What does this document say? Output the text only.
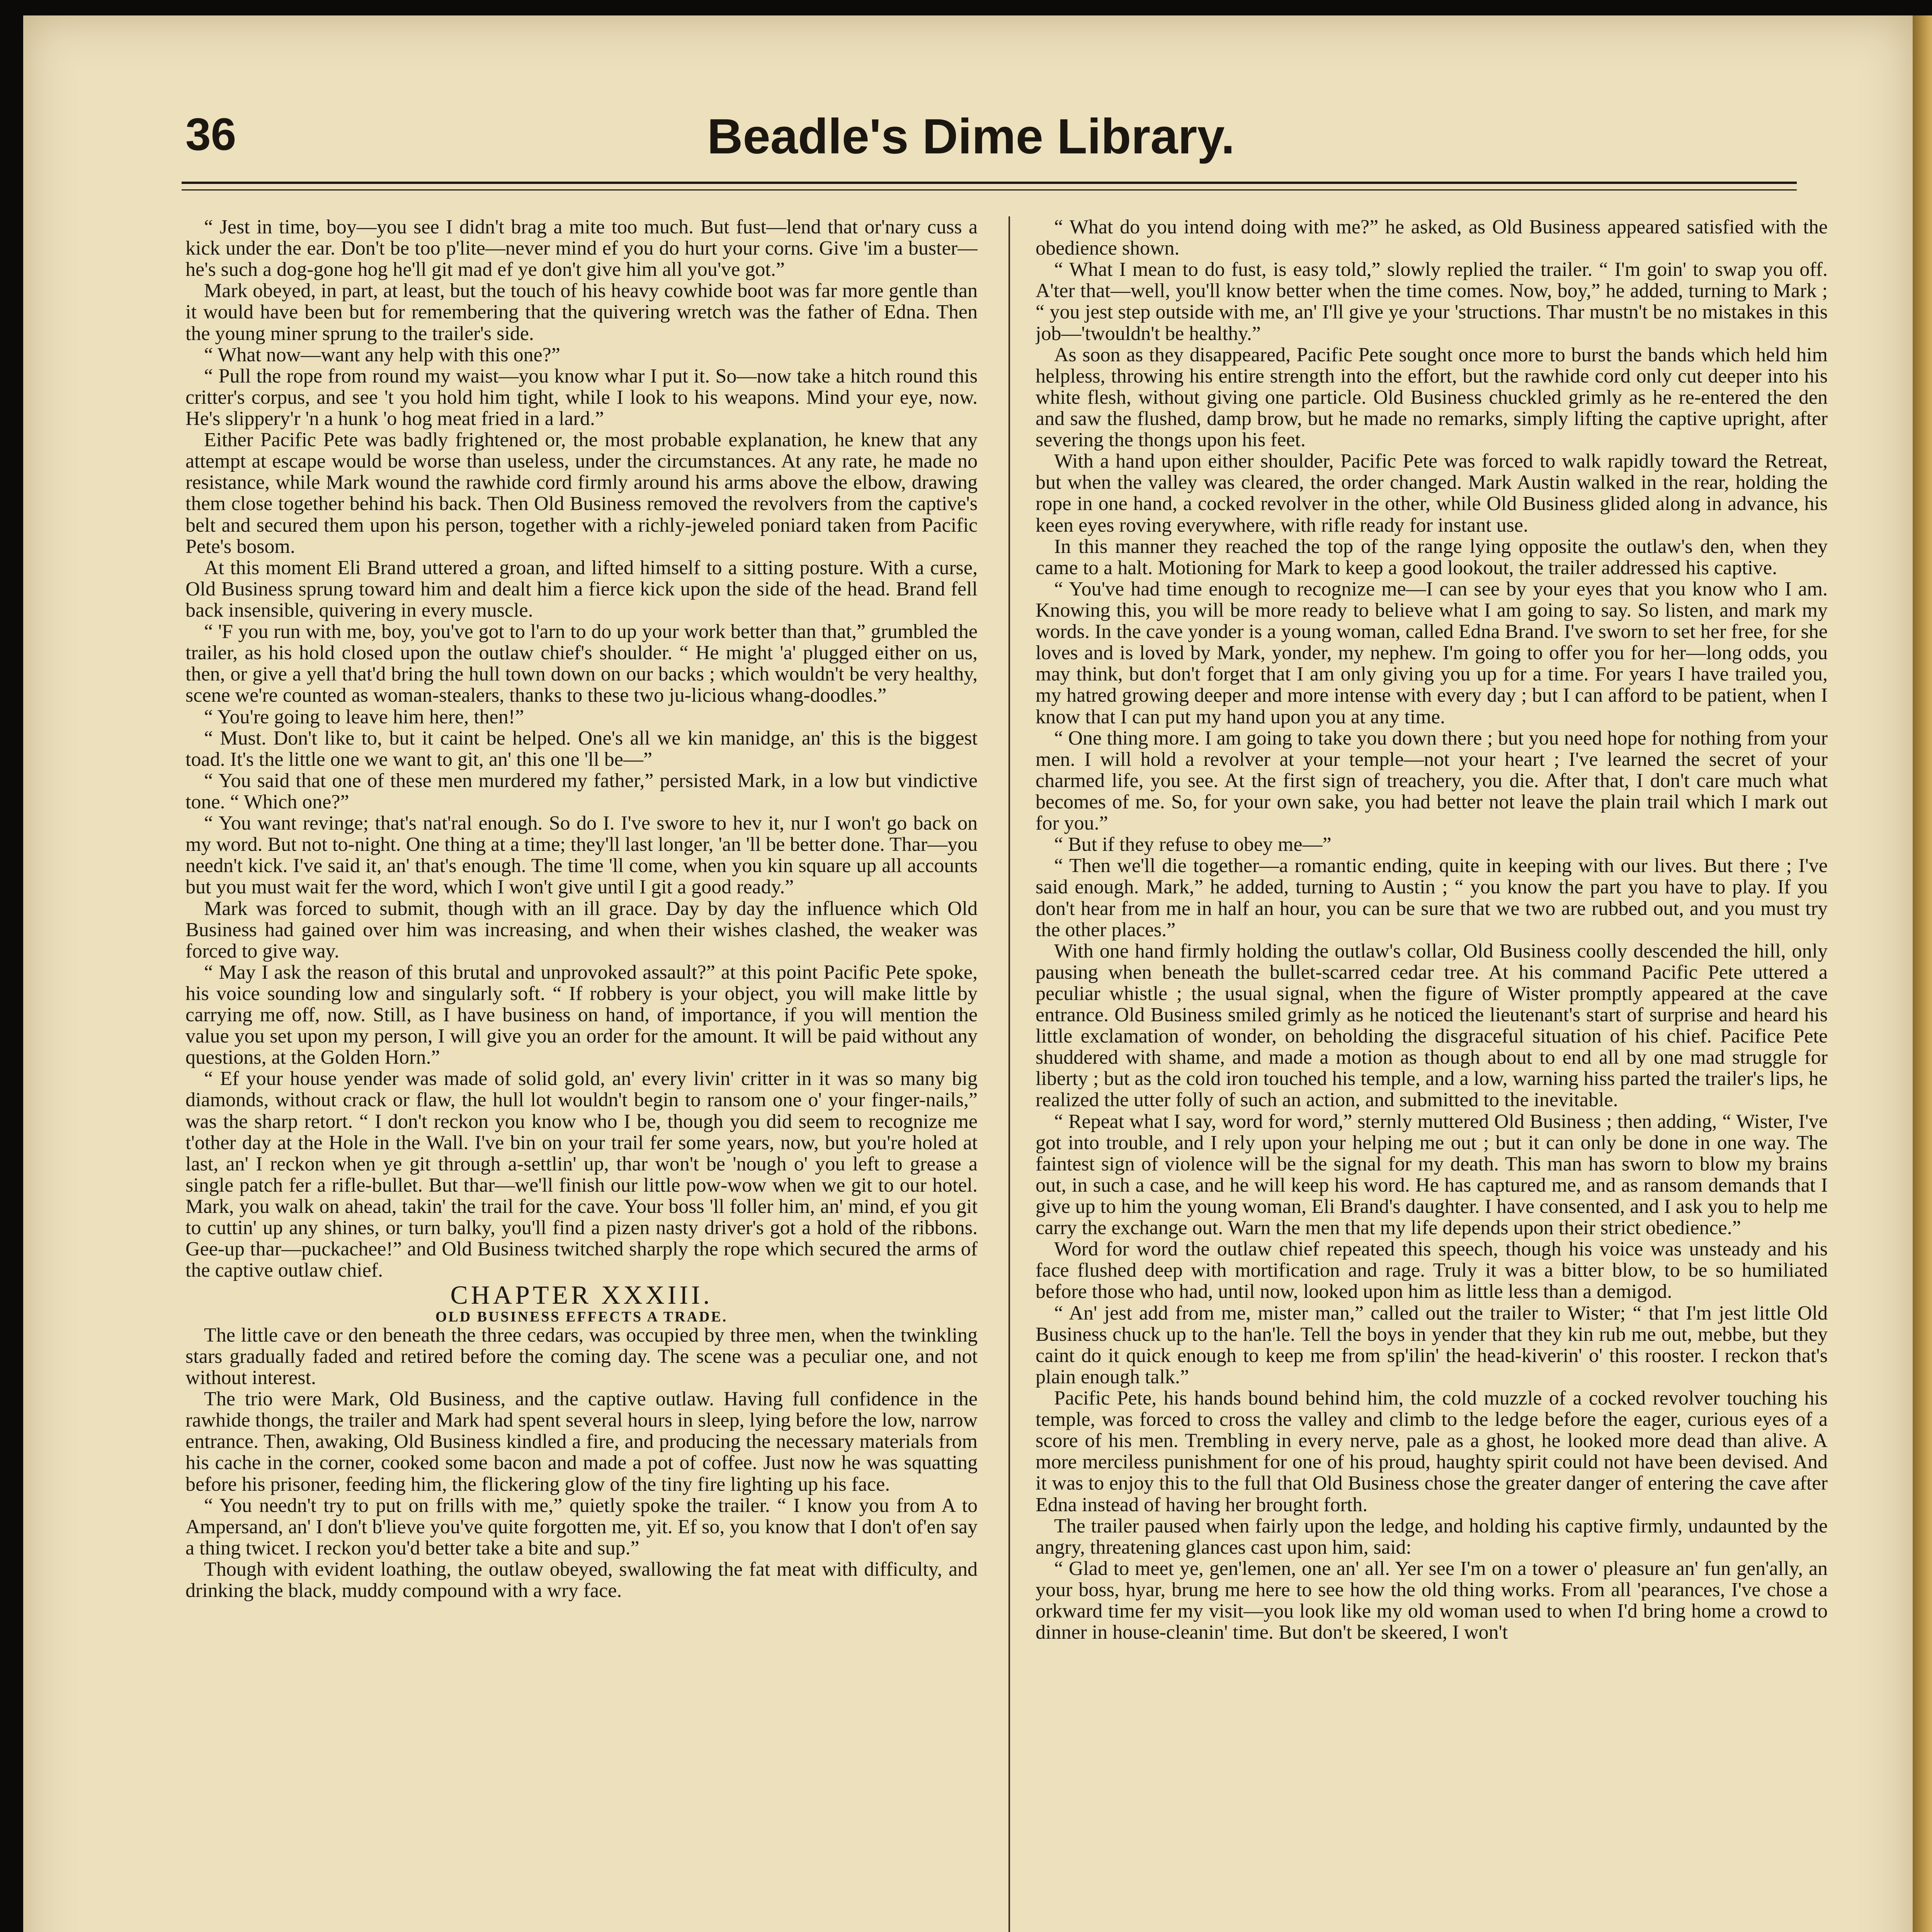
36	Beadle's Dime Library.

“ Jest in time, boy—you see I didn't brag a mite too much. But fust—lend that or'nary cuss a kick under the ear. Don't be too p'lite—never mind ef you do hurt your corns. Give 'im a buster—he's such a dog-gone hog he'll git mad ef ye don't give him all you've got.”

Mark obeyed, in part, at least, but the touch of his heavy cowhide boot was far more gentle than it would have been but for remembering that the quivering wretch was the father of Edna. Then the young miner sprung to the trailer's side.

“ What now—want any help with this one?”

“ Pull the rope from round my waist—you know whar I put it. So—now take a hitch round this critter's corpus, and see 't you hold him tight, while I look to his weapons. Mind your eye, now. He's slippery'r 'n a hunk 'o hog meat fried in a lard.”

Either Pacific Pete was badly frightened or, the most probable explanation, he knew that any attempt at escape would be worse than useless, under the circumstances. At any rate, he made no resistance, while Mark wound the rawhide cord firmly around his arms above the elbow, drawing them close together behind his back. Then Old Business removed the revolvers from the captive's belt and secured them upon his person, together with a richly-jeweled poniard taken from Pacific Pete's bosom.

At this moment Eli Brand uttered a groan, and lifted himself to a sitting posture. With a curse, Old Business sprung toward him and dealt him a fierce kick upon the side of the head. Brand fell back insensible, quivering in every muscle.

“ 'F you run with me, boy, you've got to l'arn to do up your work better than that,” grumbled the trailer, as his hold closed upon the outlaw chief's shoulder. “ He might 'a' plugged either on us, then, or give a yell that'd bring the hull town down on our backs ; which wouldn't be very healthy, scene we're counted as woman-stealers, thanks to these two ju-licious whang-doodles.”

“ You're going to leave him here, then!”

“ Must. Don't like to, but it caint be helped. One's all we kin manidge, an' this is the biggest toad. It's the little one we want to git, an' this one 'll be—”

“ You said that one of these men murdered my father,” persisted Mark, in a low but vindictive tone. “ Which one?”

“ You want revinge; that's nat'ral enough. So do I. I've swore to hev it, nur I won't go back on my word. But not to-night. One thing at a time; they'll last longer, 'an 'll be better done. Thar—you needn't kick. I've said it, an' that's enough. The time 'll come, when you kin square up all accounts but you must wait fer the word, which I won't give until I git a good ready.”

Mark was forced to submit, though with an ill grace. Day by day the influence which Old Business had gained over him was increasing, and when their wishes clashed, the weaker was forced to give way.

“ May I ask the reason of this brutal and unprovoked assault?” at this point Pacific Pete spoke, his voice sounding low and singularly soft. “ If robbery is your object, you will make little by carrying me off, now. Still, as I have business on hand, of importance, if you will mention the value you set upon my person, I will give you an order for the amount. It will be paid without any questions, at the Golden Horn.”

“ Ef your house yender was made of solid gold, an' every livin' critter in it was so many big diamonds, without crack or flaw, the hull lot wouldn't begin to ransom one o' your finger-nails,” was the sharp retort. “ I don't reckon you know who I be, though you did seem to recognize me t'other day at the Hole in the Wall. I've bin on your trail fer some years, now, but you're holed at last, an' I reckon when ye git through a-settlin' up, thar won't be 'nough o' you left to grease a single patch fer a rifle-bullet. But thar—we'll finish our little pow-wow when we git to our hotel. Mark, you walk on ahead, takin' the trail for the cave. Your boss 'll foller him, an' mind, ef you git to cuttin' up any shines, or turn balky, you'll find a pizen nasty driver's got a hold of the ribbons. Gee-up thar—puckachee!” and Old Business twitched sharply the rope which secured the arms of the captive outlaw chief.

CHAPTER XXXIII.

OLD BUSINESS EFFECTS A TRADE.

The little cave or den beneath the three cedars, was occupied by three men, when the twinkling stars gradually faded and retired before the coming day. The scene was a peculiar one, and not without interest.

The trio were Mark, Old Business, and the captive outlaw. Having full confidence in the rawhide thongs, the trailer and Mark had spent several hours in sleep, lying before the low, narrow entrance. Then, awaking, Old Business kindled a fire, and producing the necessary materials from his cache in the corner, cooked some bacon and made a pot of coffee. Just now he was squatting before his prisoner, feeding him, the flickering glow of the tiny fire lighting up his face.

“ You needn't try to put on frills with me,” quietly spoke the trailer. “ I know you from A to Ampersand, an' I don't b'lieve you've quite forgotten me, yit. Ef so, you know that I don't of'en say a thing twicet. I reckon you'd better take a bite and sup.”

Though with evident loathing, the outlaw obeyed, swallowing the fat meat with difficulty, and drinking the black, muddy compound with a wry face.

“ What do you intend doing with me?” he asked, as Old Business appeared satisfied with the obedience shown.

“ What I mean to do fust, is easy told,” slowly replied the trailer. “ I'm goin' to swap you off. A'ter that—well, you'll know better when the time comes. Now, boy,” he added, turning to Mark ; “ you jest step outside with me, an' I'll give ye your 'structions. Thar mustn't be no mistakes in this job—'twouldn't be healthy.”

As soon as they disappeared, Pacific Pete sought once more to burst the bands which held him helpless, throwing his entire strength into the effort, but the rawhide cord only cut deeper into his white flesh, without giving one particle. Old Business chuckled grimly as he re-entered the den and saw the flushed, damp brow, but he made no remarks, simply lifting the captive upright, after severing the thongs upon his feet.

With a hand upon either shoulder, Pacific Pete was forced to walk rapidly toward the Retreat, but when the valley was cleared, the order changed. Mark Austin walked in the rear, holding the rope in one hand, a cocked revolver in the other, while Old Business glided along in advance, his keen eyes roving everywhere, with rifle ready for instant use.

In this manner they reached the top of the range lying opposite the outlaw's den, when they came to a halt. Motioning for Mark to keep a good lookout, the trailer addressed his captive.

“ You've had time enough to recognize me—I can see by your eyes that you know who I am. Knowing this, you will be more ready to believe what I am going to say. So listen, and mark my words. In the cave yonder is a young woman, called Edna Brand. I've sworn to set her free, for she loves and is loved by Mark, yonder, my nephew. I'm going to offer you for her—long odds, you may think, but don't forget that I am only giving you up for a time. For years I have trailed you, my hatred growing deeper and more intense with every day ; but I can afford to be patient, when I know that I can put my hand upon you at any time.

“ One thing more. I am going to take you down there ; but you need hope for nothing from your men. I will hold a revolver at your temple—not your heart ; I've learned the secret of your charmed life, you see. At the first sign of treachery, you die. After that, I don't care much what becomes of me. So, for your own sake, you had better not leave the plain trail which I mark out for you.”

“ But if they refuse to obey me—”

“ Then we'll die together—a romantic ending, quite in keeping with our lives. But there ; I've said enough. Mark,” he added, turning to Austin ; “ you know the part you have to play. If you don't hear from me in half an hour, you can be sure that we two are rubbed out, and you must try the other places.”

With one hand firmly holding the outlaw's collar, Old Business coolly descended the hill, only pausing when beneath the bullet-scarred cedar tree. At his command Pacific Pete uttered a peculiar whistle ; the usual signal, when the figure of Wister promptly appeared at the cave entrance. Old Business smiled grimly as he noticed the lieutenant's start of surprise and heard his little exclamation of wonder, on beholding the disgraceful situation of his chief. Pacifice Pete shuddered with shame, and made a motion as though about to end all by one mad struggle for liberty ; but as the cold iron touched his temple, and a low, warning hiss parted the trailer's lips, he realized the utter folly of such an action, and submitted to the inevitable.

“ Repeat what I say, word for word,” sternly muttered Old Business ; then adding, “ Wister, I've got into trouble, and I rely upon your helping me out ; but it can only be done in one way. The faintest sign of violence will be the signal for my death. This man has sworn to blow my brains out, in such a case, and he will keep his word. He has captured me, and as ransom demands that I give up to him the young woman, Eli Brand's daughter. I have consented, and I ask you to help me carry the exchange out. Warn the men that my life depends upon their strict obedience.”

Word for word the outlaw chief repeated this speech, though his voice was unsteady and his face flushed deep with mortification and rage. Truly it was a bitter blow, to be so humiliated before those who had, until now, looked upon him as little less than a demigod.

“ An' jest add from me, mister man,” called out the trailer to Wister; “ that I'm jest little Old Business chuck up to the han'le. Tell the boys in yender that they kin rub me out, mebbe, but they caint do it quick enough to keep me from sp'ilin' the head-kiverin' o' this rooster. I reckon that's plain enough talk.”

Pacific Pete, his hands bound behind him, the cold muzzle of a cocked revolver touching his temple, was forced to cross the valley and climb to the ledge before the eager, curious eyes of a score of his men. Trembling in every nerve, pale as a ghost, he looked more dead than alive. A more merciless punishment for one of his proud, haughty spirit could not have been devised. And it was to enjoy this to the full that Old Business chose the greater danger of entering the cave after Edna instead of having her brought forth.

The trailer paused when fairly upon the ledge, and holding his captive firmly, undaunted by the angry, threatening glances cast upon him, said:

“ Glad to meet ye, gen'lemen, one an' all. Yer see I'm on a tower o' pleasure an' fun gen'ally, an your boss, hyar, brung me here to see how the old thing works. From all 'pearances, I've chose a orkward time fer my visit—you look like my old woman used to when I'd bring home a crowd to dinner in house-cleanin' time. But don't be skeered, I won't
